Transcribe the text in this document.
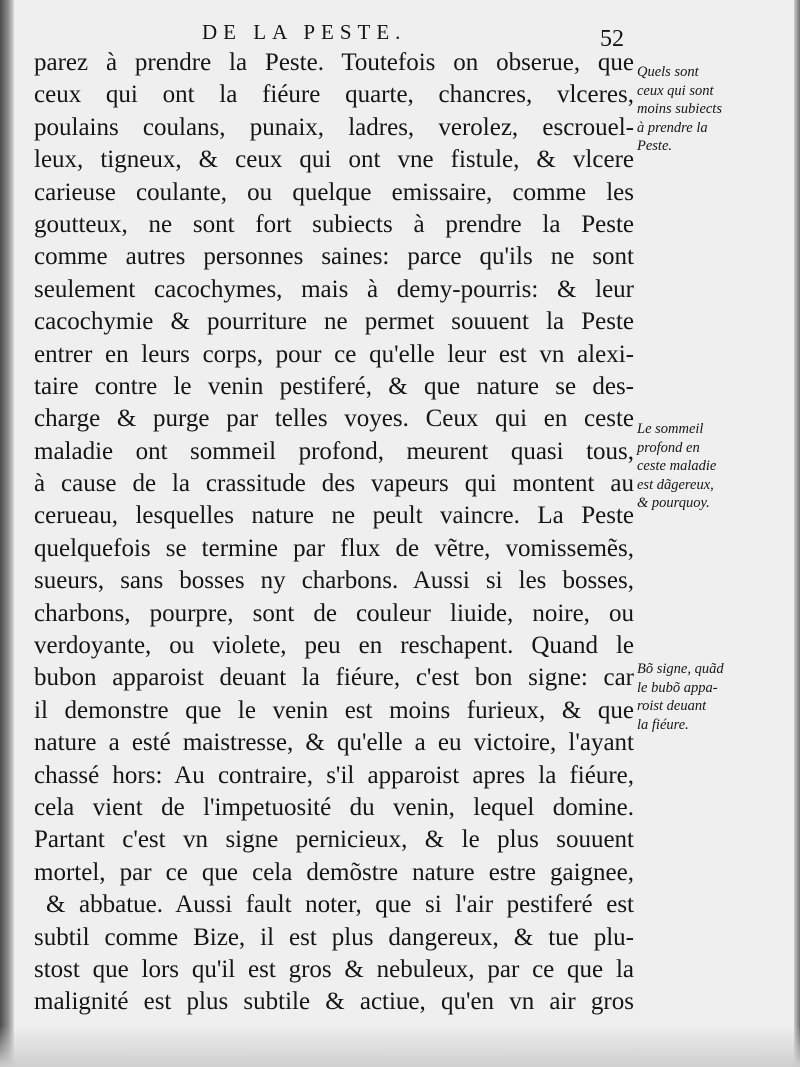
DE LA PESTE.	52
parez à prendre la Peste. Toutefois on obserue, que
ceux qui ont la fiéure quarte, chancres, vlceres,
poulains coulans, punaix, ladres, verolez, escrouel-
leux, tigneux, & ceux qui ont vne fistule, & vlcere
carieuse coulante, ou quelque emissaire, comme les
goutteux, ne sont fort subiects à prendre la Peste
comme autres personnes saines: parce qu'ils ne sont
seulement cacochymes, mais à demy-pourris: & leur
cacochymie & pourriture ne permet souuent la Peste
entrer en leurs corps, pour ce qu'elle leur est vn alexi-
taire contre le venin pestiferé, & que nature se des-
charge & purge par telles voyes. Ceux qui en ceste
maladie ont sommeil profond, meurent quasi tous,
à cause de la crassitude des vapeurs qui montent au
cerueau, lesquelles nature ne peult vaincre. La Peste
quelquefois se termine par flux de vẽtre, vomissemẽs,
sueurs, sans bosses ny charbons. Aussi si les bosses,
charbons, pourpre, sont de couleur liuide, noire, ou
verdoyante, ou violete, peu en reschapent. Quand le
bubon apparoist deuant la fiéure, c'est bon signe: car
il demonstre que le venin est moins furieux, & que
nature a esté maistresse, & qu'elle a eu victoire, l'ayant
chassé hors: Au contraire, s'il apparoist apres la fiéure,
cela vient de l'impetuosité du venin, lequel domine.
Partant c'est vn signe pernicieux, & le plus souuent
mortel, par ce que cela demõstre nature estre gaignee,
& abbatue. Aussi fault noter, que si l'air pestiferé est
subtil comme Bize, il est plus dangereux, & tue plu-
stost que lors qu'il est gros & nebuleux, par ce que la
malignité est plus subtile & actiue, qu'en vn air gros
Quels sont
ceux qui sont
moins subiects
à prendre la
Peste.
Le sommeil
profond en
ceste maladie
est dãgereux,
& pourquoy.
Bõ signe, quãd
le bubõ appa-
roist deuant
la fiéure.
